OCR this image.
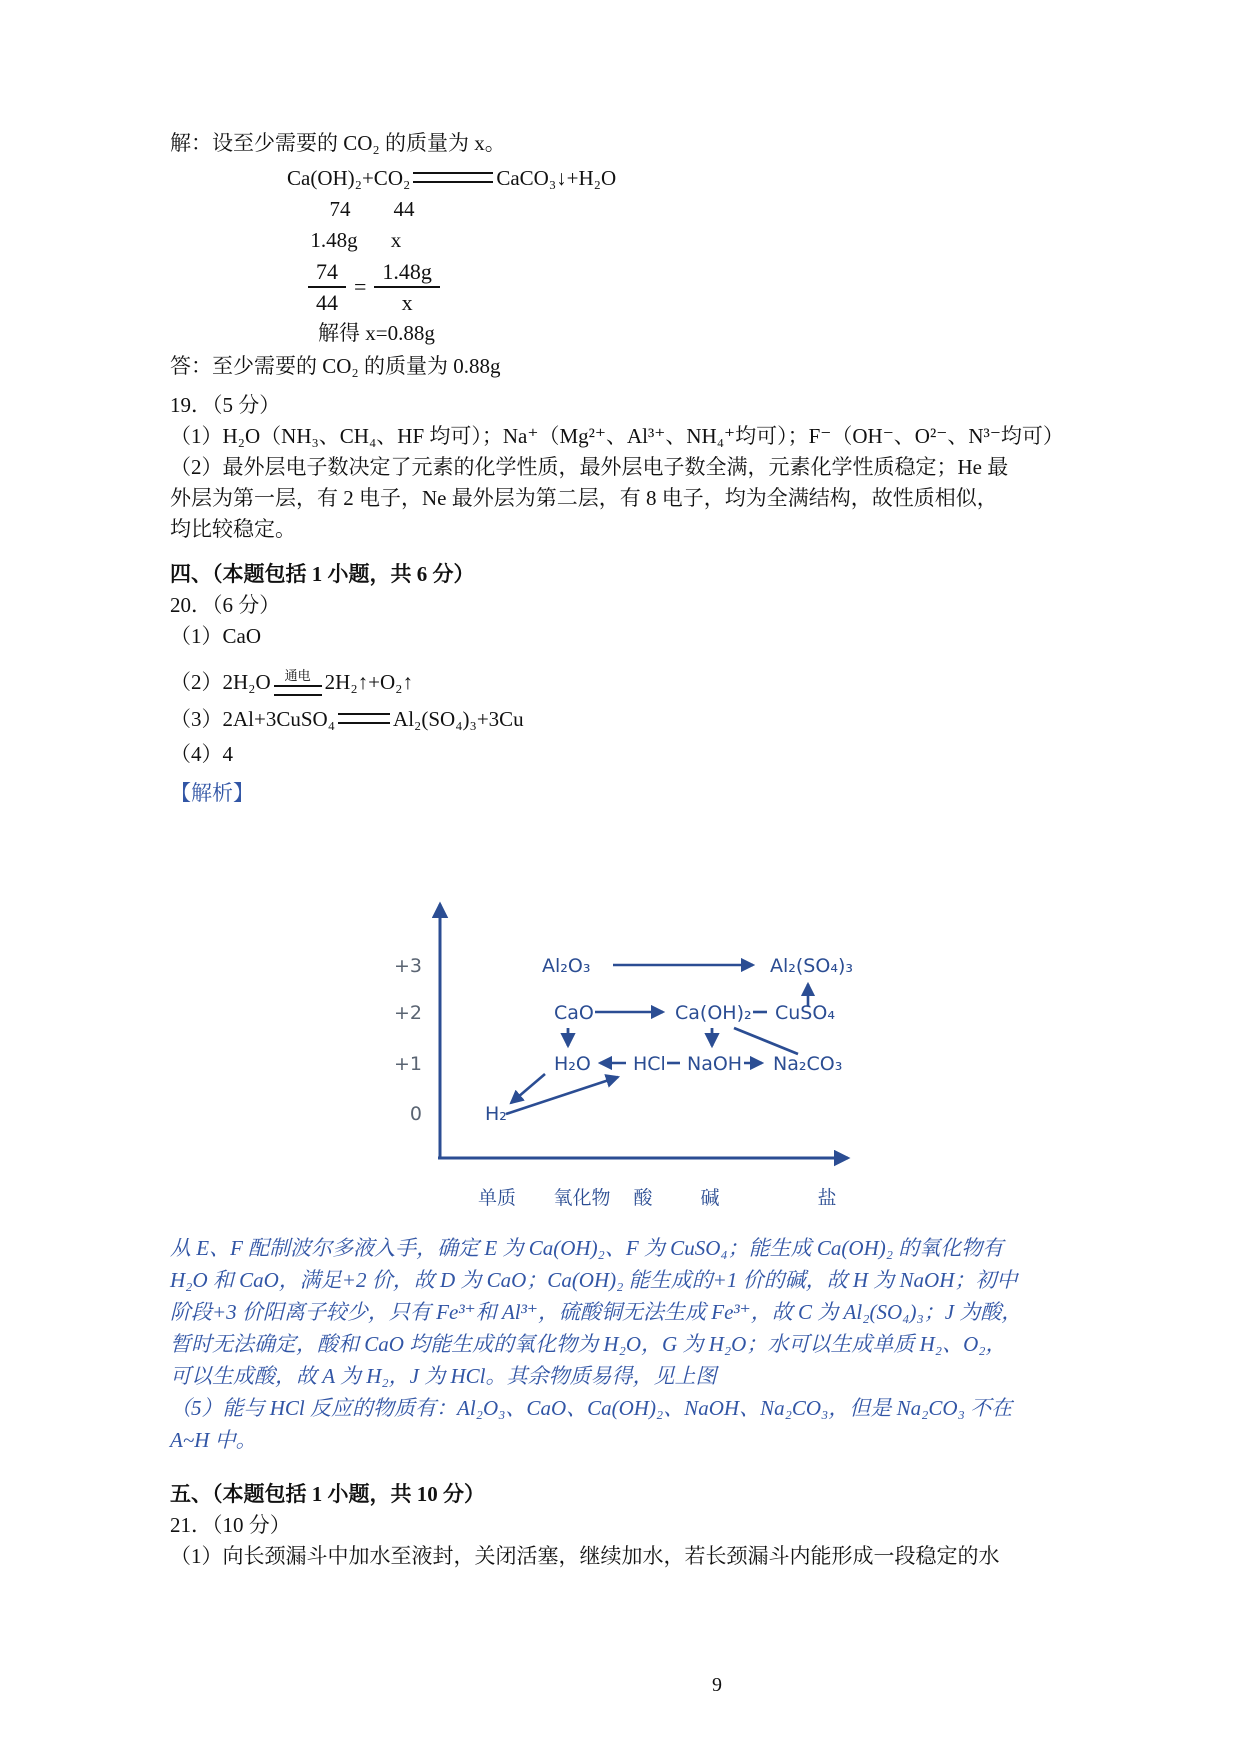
解：设至少需要的 CO₂ 的质量为 x。
Ca(OH)₂+CO₂	CaCO₃↓+H₂O
74 44
1.48g x
$\frac{74}{44} = \frac{1.48g}{x}$
解得 x=0.88g
答：至少需要的 CO₂ 的质量为 0.88g
19．（5 分）
（1）H₂O（NH₃、CH₄、HF 均可）；Na⁺（Mg²⁺、Al³⁺、NH₄⁺均可）；F⁻（OH⁻、O²⁻、N³⁻均可）
（2）最外层电子数决定了元素的化学性质，最外层电子数全满，元素化学性质稳定；He 最
外层为第一层，有 2 电子，Ne 最外层为第二层，有 8 电子，均为全满结构，故性质相似，
均比较稳定。
四、（本题包括 1 小题，共 6 分）
20．（6 分）
（1）CaO
（2）2H₂O 通电 2H₂↑+O₂↑
（3）2Al+3CuSO₄	Al₂(SO₄)₃+3Cu
（4）4
【解析】
+3
+2
+1
0
Al₂O₃	Al₂(SO₄)₃
CaO	Ca(OH)₂ CuSO₄
H₂O HCl NaOH Na₂CO₃
H₂
单质 氧化物 酸	碱	盐
从 E、F 配制波尔多液入手，确定 E 为 Ca(OH)₂、F 为 CuSO₄；能生成 Ca(OH)₂ 的氧化物有
H₂O 和 CaO，满足+2 价，故 D 为 CaO；Ca(OH)₂ 能生成的+1 价的碱，故 H 为 NaOH；初中
阶段+3 价阳离子较少，只有 Fe³⁺和 Al³⁺，硫酸铜无法生成 Fe³⁺，故 C 为 Al₂(SO₄)₃；J 为酸，
暂时无法确定，酸和 CaO 均能生成的氧化物为 H₂O，G 为 H₂O；水可以生成单质 H₂、O₂，
可以生成酸，故 A 为 H₂，J 为 HCl。其余物质易得，见上图
（5）能与 HCl 反应的物质有：Al₂O₃、CaO、Ca(OH)₂、NaOH、Na₂CO₃，但是 Na₂CO₃ 不在
A~H 中。
五、（本题包括 1 小题，共 10 分）
21．（10 分）
（1）向长颈漏斗中加水至液封，关闭活塞，继续加水，若长颈漏斗内能形成一段稳定的水
9
